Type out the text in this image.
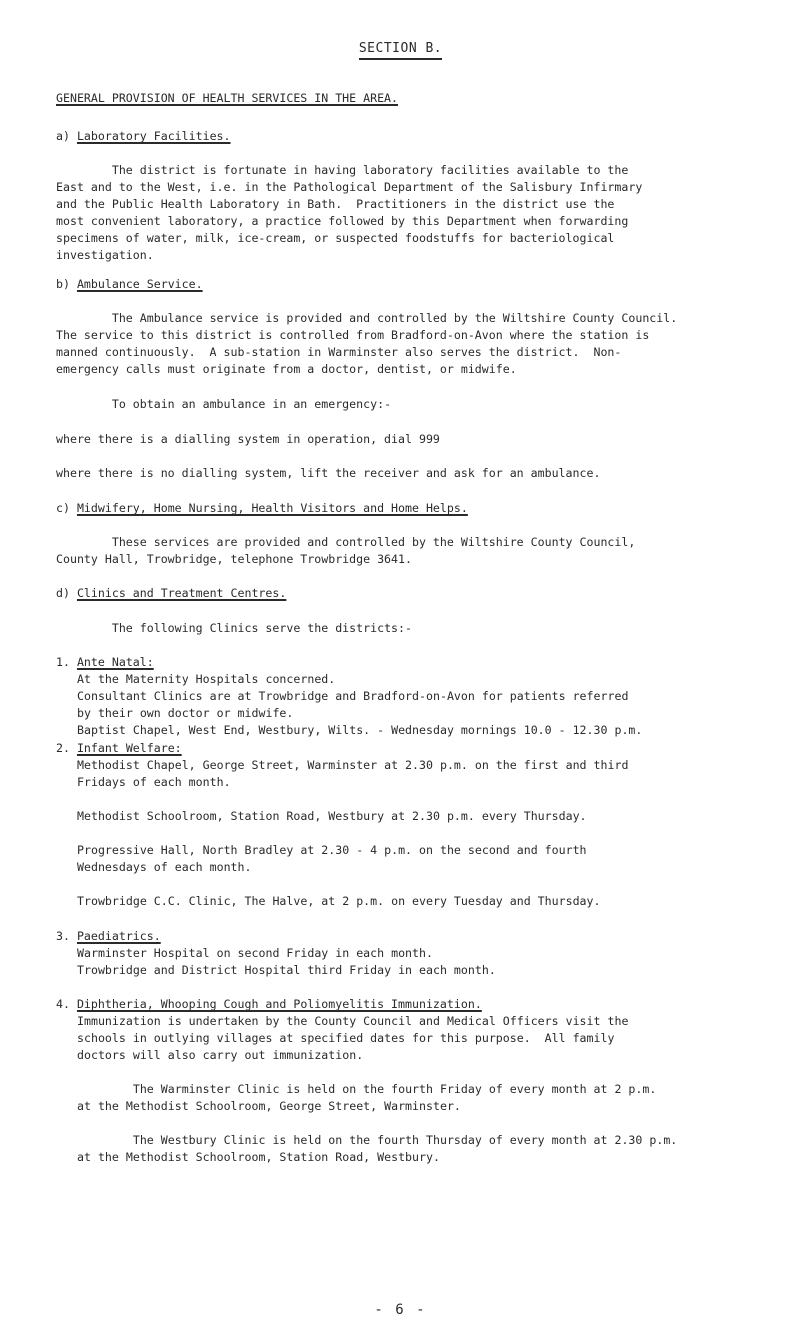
SECTION B.

GENERAL PROVISION OF HEALTH SERVICES IN THE AREA.

a) Laboratory Facilities.

The district is fortunate in having laboratory facilities available to the
East and to the West, i.e. in the Pathological Department of the Salisbury Infirmary
and the Public Health Laboratory in Bath.  Practitioners in the district use the
most convenient laboratory, a practice followed by this Department when forwarding
specimens of water, milk, ice-cream, or suspected foodstuffs for bacteriological
investigation.

b) Ambulance Service.

The Ambulance service is provided and controlled by the Wiltshire County Council.
The service to this district is controlled from Bradford-on-Avon where the station is
manned continuously.  A sub-station in Warminster also serves the district.  Non-
emergency calls must originate from a doctor, dentist, or midwife.

To obtain an ambulance in an emergency:-

where there is a dialling system in operation, dial 999

where there is no dialling system, lift the receiver and ask for an ambulance.

c) Midwifery, Home Nursing, Health Visitors and Home Helps.

These services are provided and controlled by the Wiltshire County Council,
County Hall, Trowbridge, telephone Trowbridge 3641.

d) Clinics and Treatment Centres.

The following Clinics serve the districts:-

1. Ante Natal:

At the Maternity Hospitals concerned.
Consultant Clinics are at Trowbridge and Bradford-on-Avon for patients referred
by their own doctor or midwife.
Baptist Chapel, West End, Westbury, Wilts. - Wednesday mornings 10.0 - 12.30 p.m.

2. Infant Welfare:

Methodist Chapel, George Street, Warminster at 2.30 p.m. on the first and third
Fridays of each month.

Methodist Schoolroom, Station Road, Westbury at 2.30 p.m. every Thursday.

Progressive Hall, North Bradley at 2.30 - 4 p.m. on the second and fourth
Wednesdays of each month.

Trowbridge C.C. Clinic, The Halve, at 2 p.m. on every Tuesday and Thursday.

3. Paediatrics.

Warminster Hospital on second Friday in each month.
Trowbridge and District Hospital third Friday in each month.

4. Diphtheria, Whooping Cough and Poliomyelitis Immunization.

Immunization is undertaken by the County Council and Medical Officers visit the
schools in outlying villages at specified dates for this purpose.  All family
doctors will also carry out immunization.

The Warminster Clinic is held on the fourth Friday of every month at 2 p.m.
at the Methodist Schoolroom, George Street, Warminster.

The Westbury Clinic is held on the fourth Thursday of every month at 2.30 p.m.
at the Methodist Schoolroom, Station Road, Westbury.

- 6 -
